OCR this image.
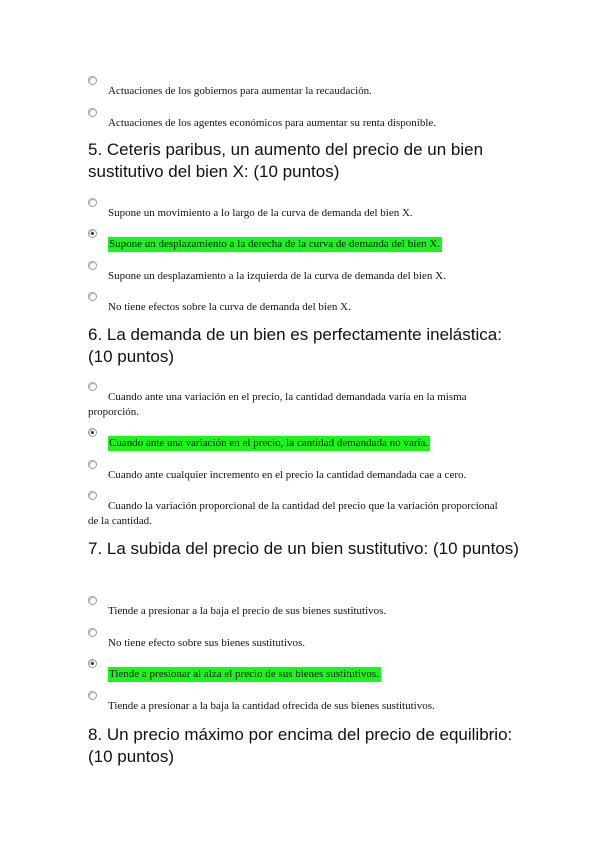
Actuaciones de los gobiernos para aumentar la recaudación.
Actuaciones de los agentes económicos para aumentar su renta disponible.
5. Ceteris paribus, un aumento del precio de un bien sustitutivo del bien X: (10 puntos)
Supone un movimiento a lo largo de la curva de demanda del bien X.
Supone un desplazamiento a la derecha de la curva de demanda del bien X.
Supone un desplazamiento a la izquierda de la curva de demanda del bien X.
No tiene efectos sobre la curva de demanda del bien X.
6. La demanda de un bien es perfectamente inelástica: (10 puntos)
Cuando ante una variación en el precio, la cantidad demandada varía en la misma proporción.
Cuando ante una variación en el precio, la cantidad demandada no varía.
Cuando ante cualquier incremento en el precio la cantidad demandada cae a cero.
Cuando la variación proporcional de la cantidad del precio que la variación proporcional de la cantidad.
7. La subida del precio de un bien sustitutivo: (10 puntos)
Tiende a presionar a la baja el precio de sus bienes sustitutivos.
No tiene efecto sobre sus bienes sustitutivos.
Tiende a presionar al alza el precio de sus bienes sustitutivos.
Tiende a presionar a la baja la cantidad ofrecida de sus bienes sustitutivos.
8. Un precio máximo por encima del precio de equilibrio: (10 puntos)
